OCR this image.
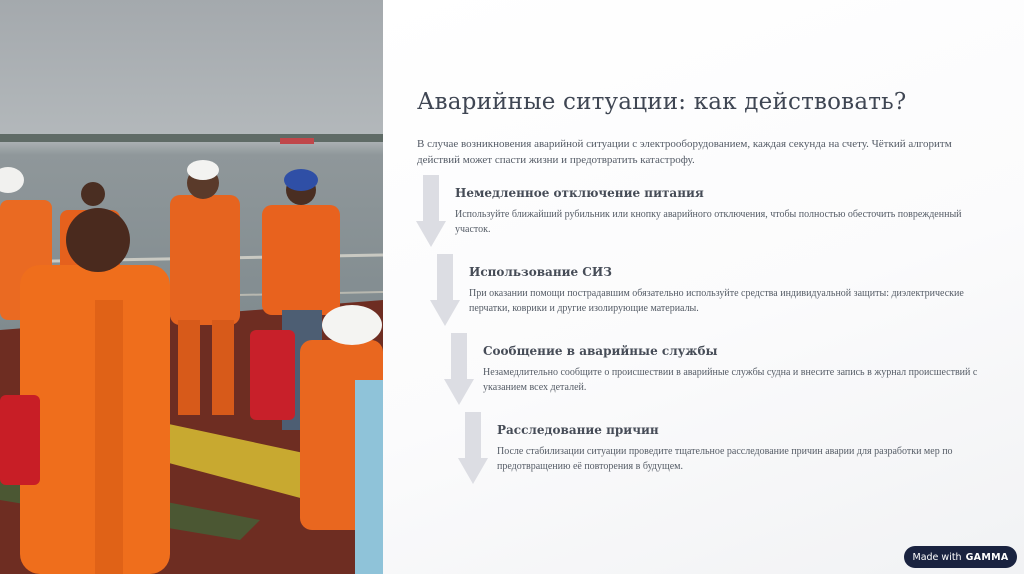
Аварийные ситуации: как действовать?

В случае возникновения аварийной ситуации с электрооборудованием, каждая секунда на счету. Чёткий алгоритм действий может спасти жизни и предотвратить катастрофу.

Немедленное отключение питания

Используйте ближайший рубильник или кнопку аварийного отключения, чтобы полностью обесточить поврежденный участок.

Использование СИЗ

При оказании помощи пострадавшим обязательно используйте средства индивидуальной защиты: диэлектрические перчатки, коврики и другие изолирующие материалы.

Сообщение в аварийные службы

Незамедлительно сообщите о происшествии в аварийные службы судна и внесите запись в журнал происшествий с указанием всех деталей.

Расследование причин

После стабилизации ситуации проведите тщательное расследование причин аварии для разработки мер по предотвращению её повторения в будущем.

Made with GAMMA
